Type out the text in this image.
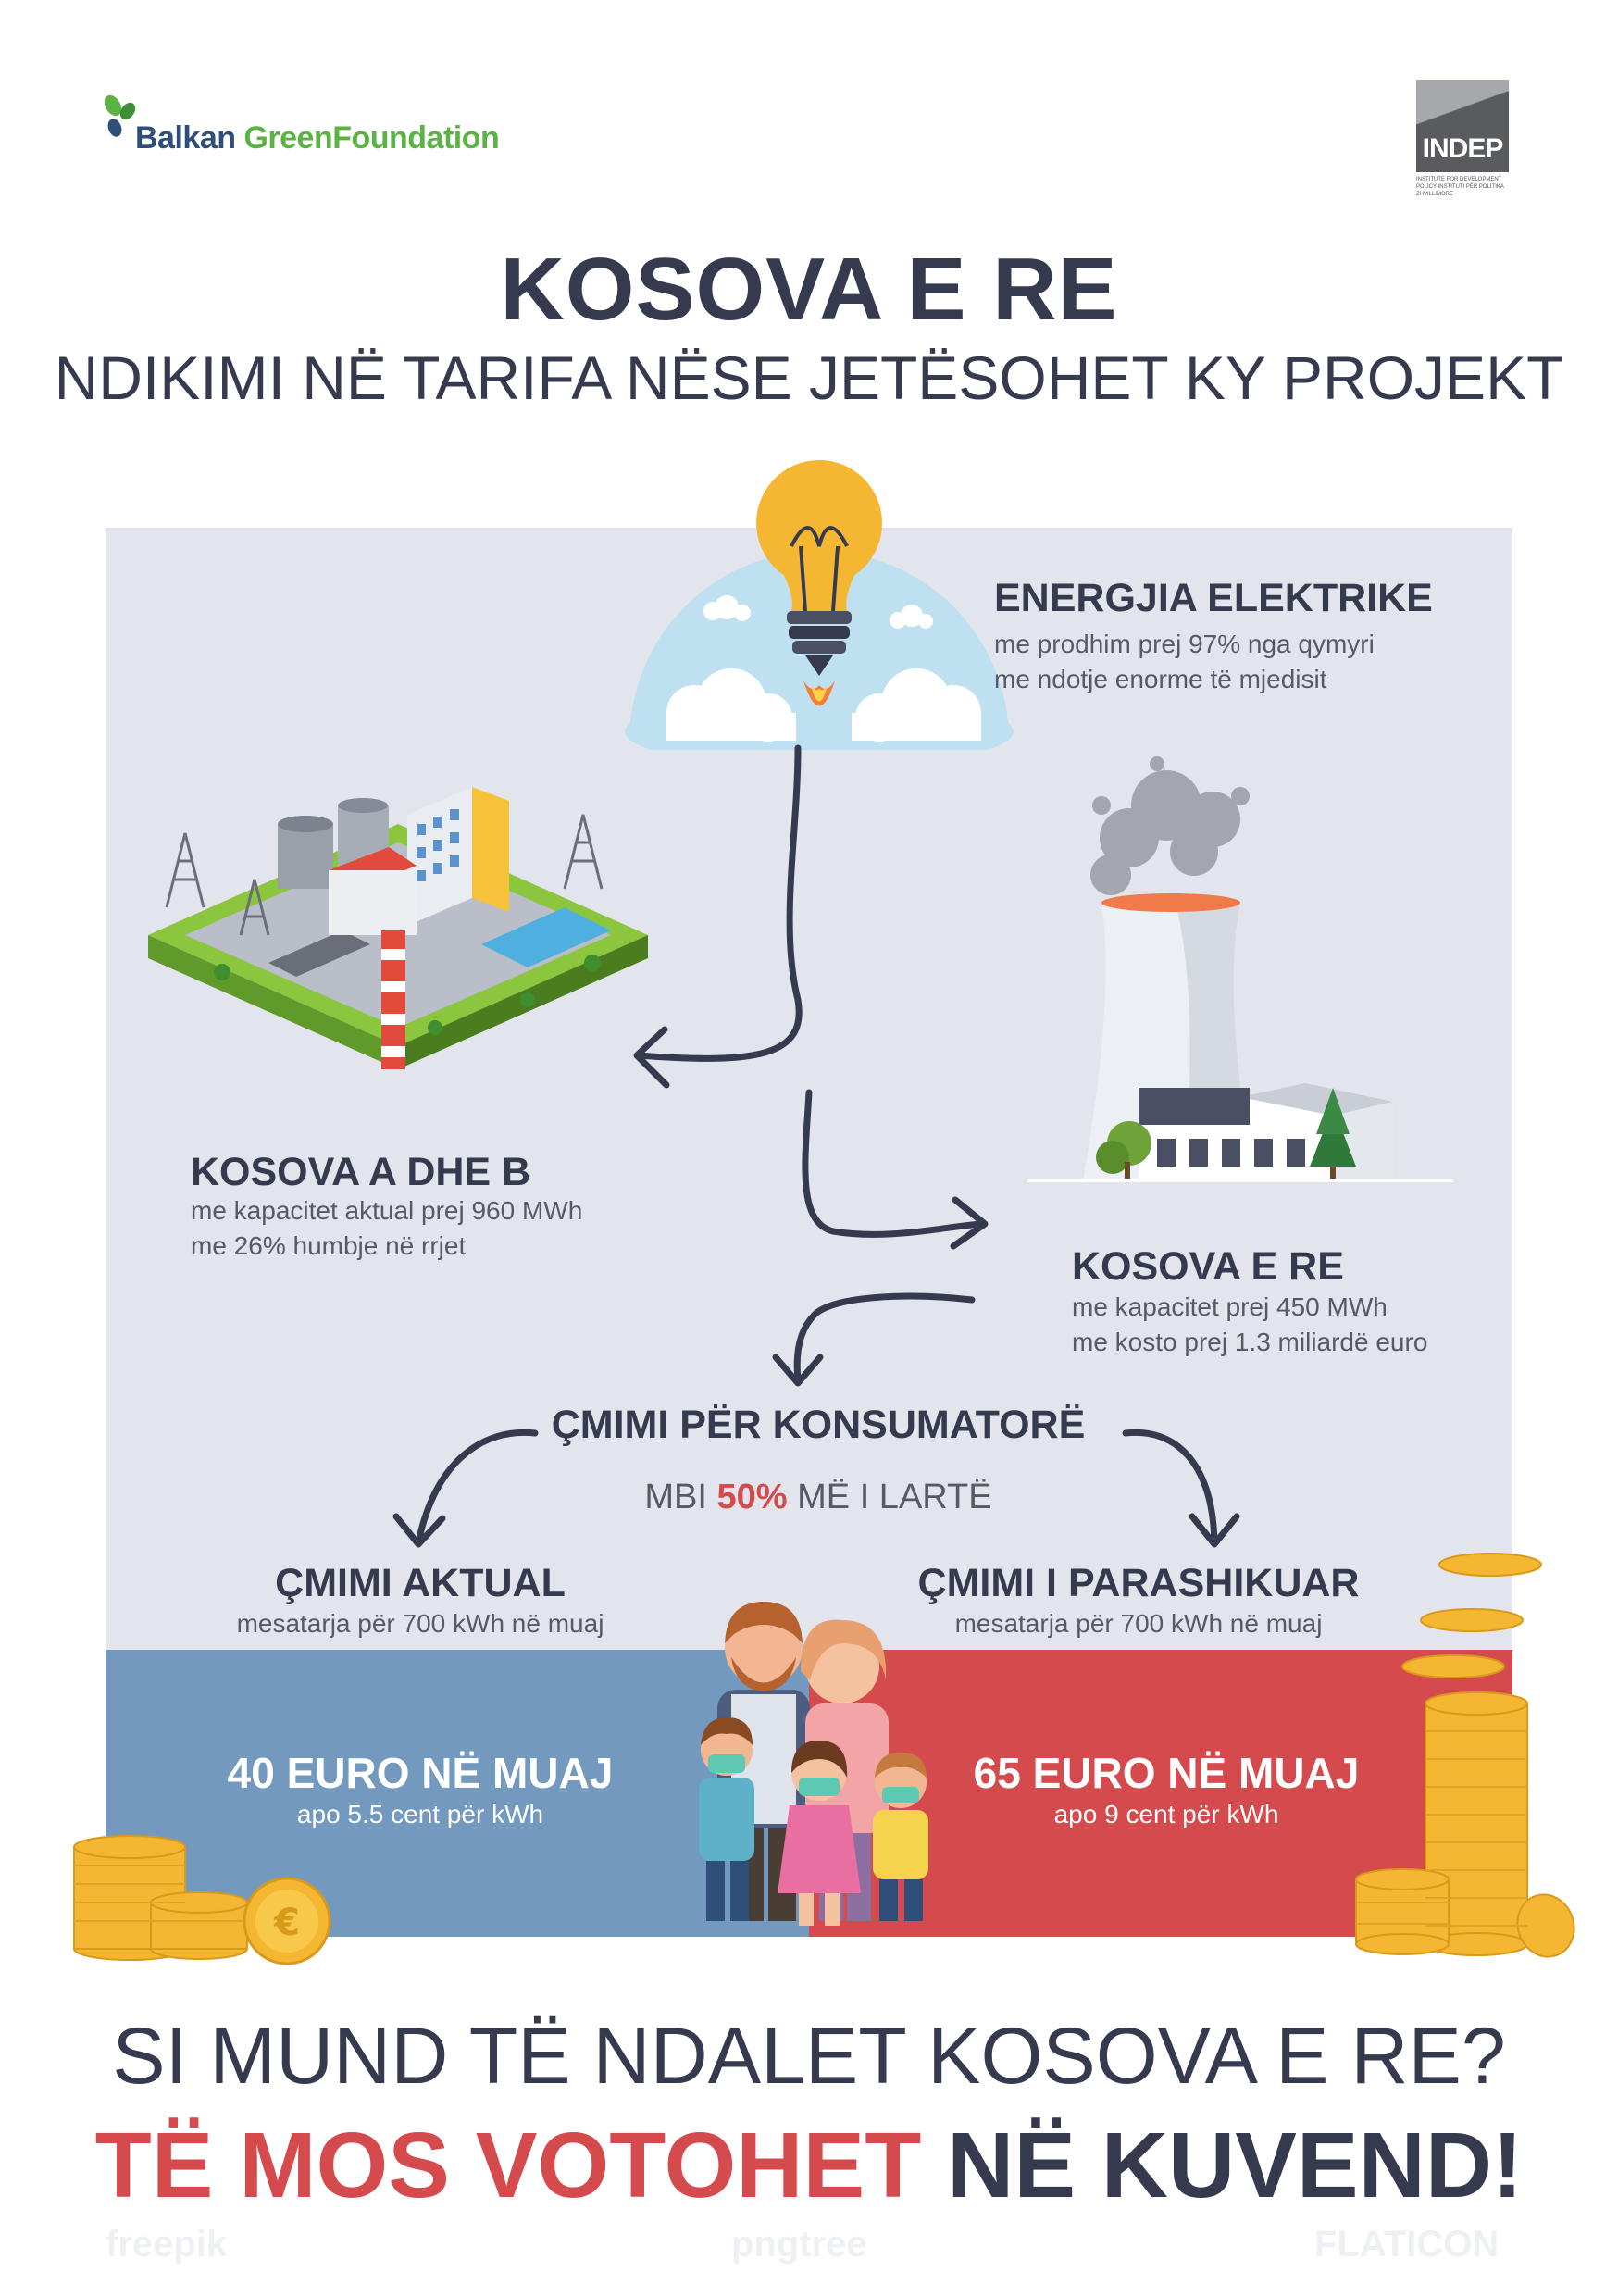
Balkan GreenFoundation	INDEP
INSTITUTE FOR DEVELOPMENT POLICY INSTITUTI PËR POLITIKA ZHVILLIMORE
KOSOVA E RE
NDIKIMI NË TARIFA NËSE JETËSOHET KY PROJEKT
ENERGJIA ELEKTRIKE
me prodhim prej 97% nga qymyri
me ndotje enorme të mjedisit
KOSOVA A DHE B
me kapacitet aktual prej 960 MWh
me 26% humbje në rrjet	KOSOVA E RE
me kapacitet prej 450 MWh
me kosto prej 1.3 miliardë euro
ÇMIMI PËR KONSUMATORË
MBI 50% MË I LARTË
ÇMIMI AKTUAL
mesatarja për 700 kWh në muaj
40 EURO NË MUAJ
apo 5.5 cent për kWh
ÇMIMI I PARASHIKUAR
mesatarja për 700 kWh në muaj
65 EURO NË MUAJ
apo 9 cent për kWh
€
SI MUND TË NDALET KOSOVA E RE?
TË MOS VOTOHET NË KUVEND!
freepik	pngtree	FLATICON
